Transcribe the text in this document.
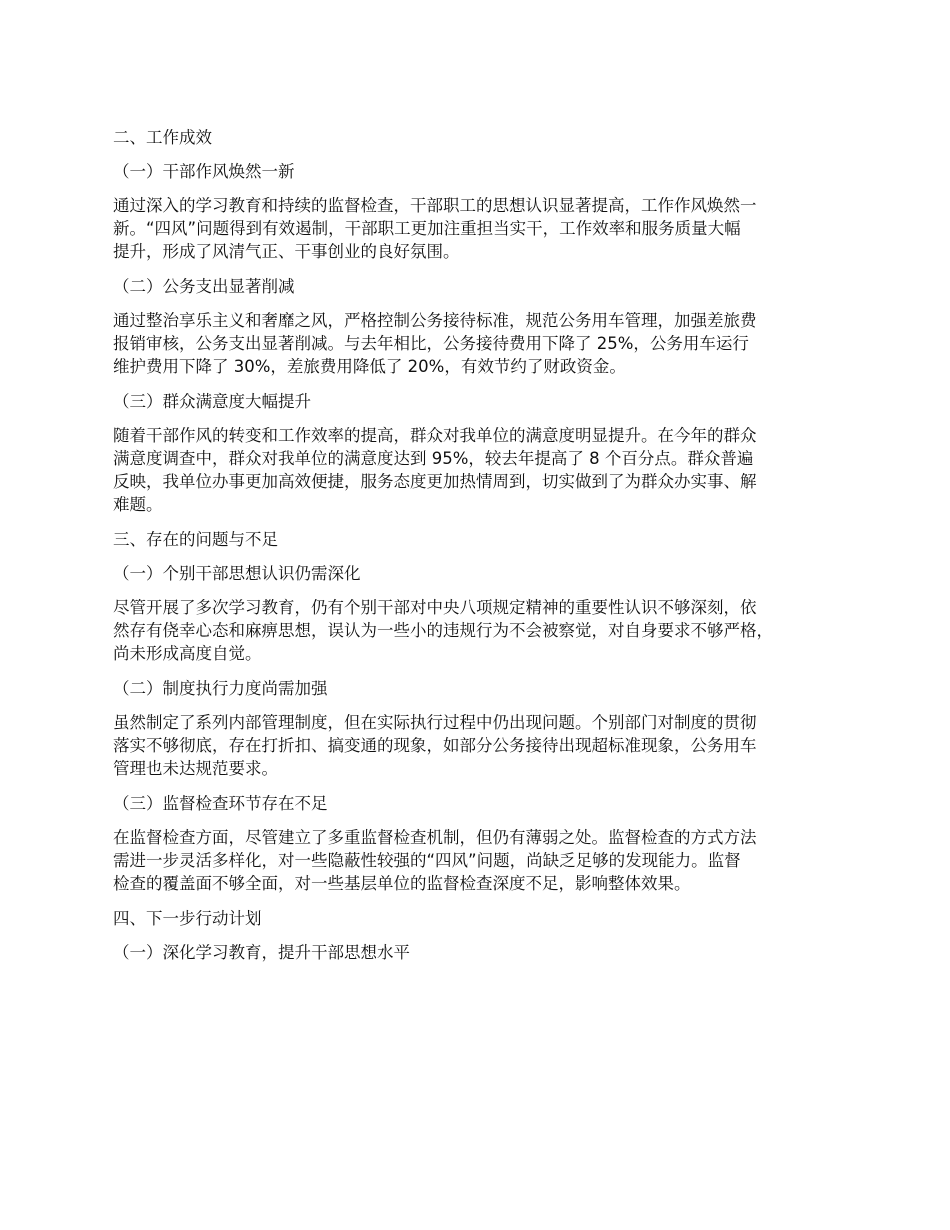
二、工作成效
（一）干部作风焕然一新
通过深入的学习教育和持续的监督检查，干部职工的思想认识显著提高，工作作风焕然一
新。“四风”问题得到有效遏制，干部职工更加注重担当实干，工作效率和服务质量大幅
提升，形成了风清气正、干事创业的良好氛围。
（二）公务支出显著削减
通过整治享乐主义和奢靡之风，严格控制公务接待标准，规范公务用车管理，加强差旅费
报销审核，公务支出显著削减。与去年相比，公务接待费用下降了 25%，公务用车运行
维护费用下降了 30%，差旅费用降低了 20%，有效节约了财政资金。
（三）群众满意度大幅提升
随着干部作风的转变和工作效率的提高，群众对我单位的满意度明显提升。在今年的群众
满意度调查中，群众对我单位的满意度达到 95%，较去年提高了 8 个百分点。群众普遍
反映，我单位办事更加高效便捷，服务态度更加热情周到，切实做到了为群众办实事、解
难题。
三、存在的问题与不足
（一）个别干部思想认识仍需深化
尽管开展了多次学习教育，仍有个别干部对中央八项规定精神的重要性认识不够深刻，依
然存有侥幸心态和麻痹思想，误认为一些小的违规行为不会被察觉，对自身要求不够严格，
尚未形成高度自觉。
（二）制度执行力度尚需加强
虽然制定了系列内部管理制度，但在实际执行过程中仍出现问题。个别部门对制度的贯彻
落实不够彻底，存在打折扣、搞变通的现象，如部分公务接待出现超标准现象，公务用车
管理也未达规范要求。
（三）监督检查环节存在不足
在监督检查方面，尽管建立了多重监督检查机制，但仍有薄弱之处。监督检查的方式方法
需进一步灵活多样化，对一些隐蔽性较强的“四风”问题，尚缺乏足够的发现能力。监督
检查的覆盖面不够全面，对一些基层单位的监督检查深度不足，影响整体效果。
四、下一步行动计划
（一）深化学习教育，提升干部思想水平
